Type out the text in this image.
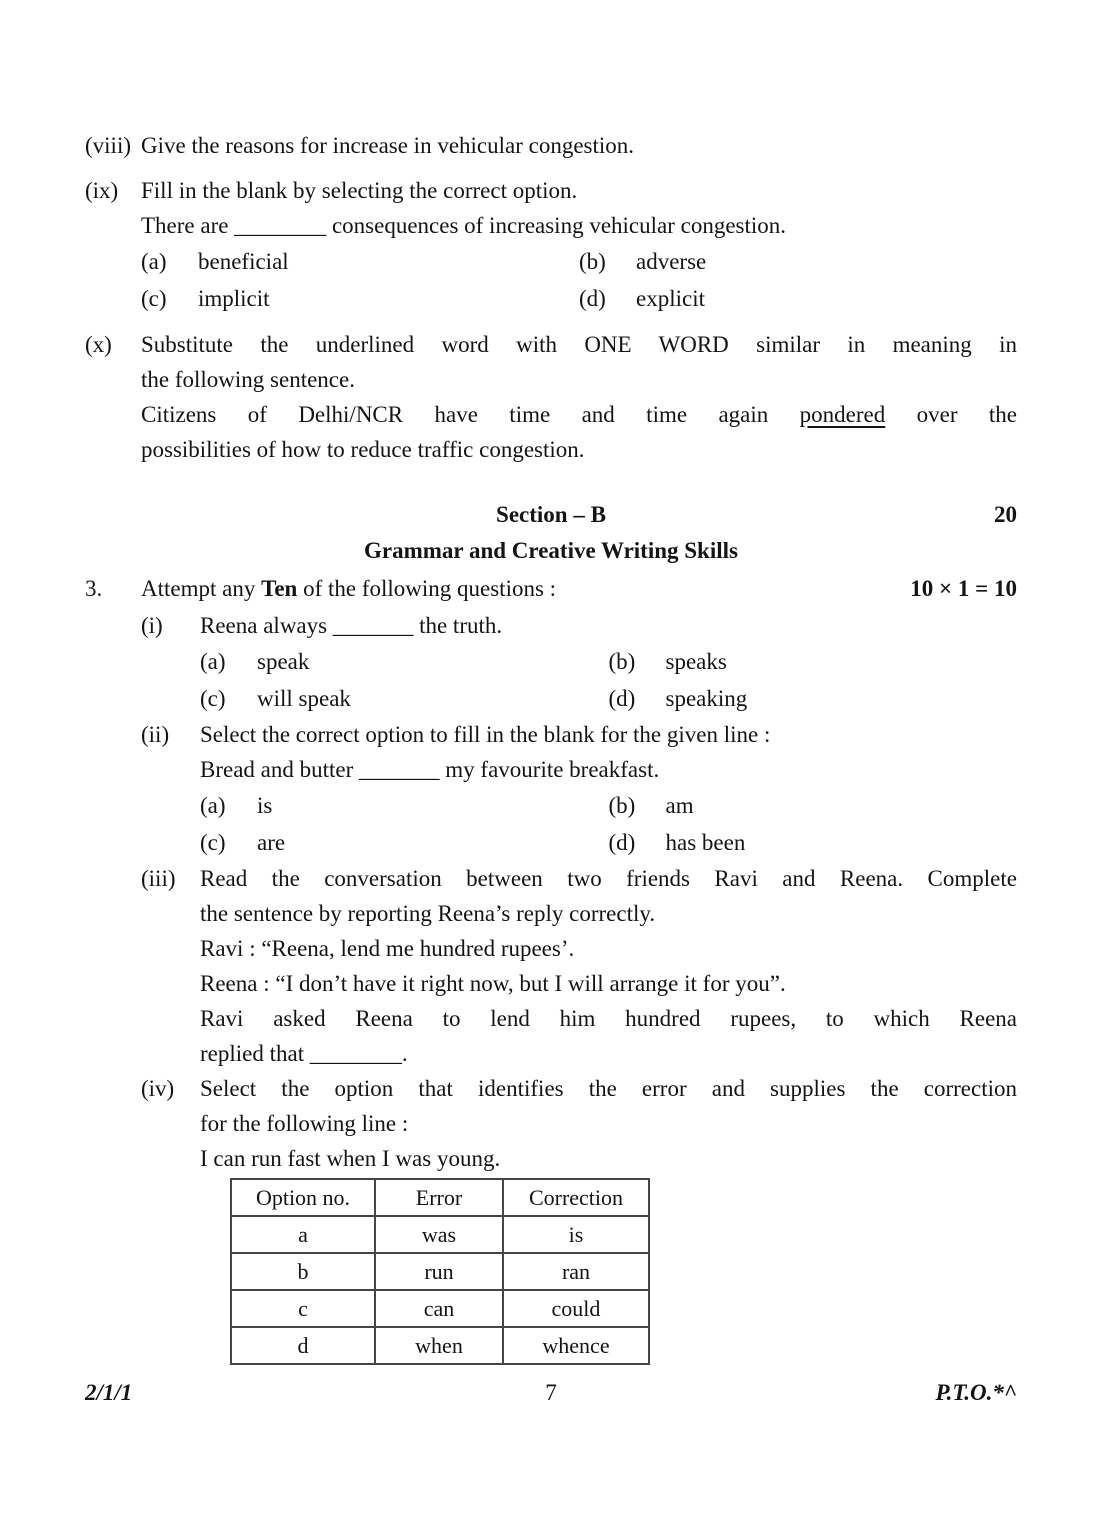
(viii) Give the reasons for increase in vehicular congestion.
(ix) Fill in the blank by selecting the correct option.
There are ________ consequences of increasing vehicular congestion.
(a)	beneficial	(b)	adverse
(c)	implicit	(d)	explicit
(x)	Substitute the underlined word with ONE WORD similar in meaning in
the following sentence.
Citizens of Delhi/NCR have time and time again pondered over the
possibilities of how to reduce traffic congestion.
Section – B	20
Grammar and Creative Writing Skills
3.	Attempt any Ten of the following questions :	10 × 1 = 10
(i)	Reena always _______ the truth.
(a)	speak	(b)	speaks
(c)	will speak	(d)	speaking
(ii)	Select the correct option to fill in the blank for the given line :
Bread and butter _______ my favourite breakfast.
(a)	is	(b)	am
(c)	are	(d)	has been
(iii)	Read the conversation between two friends Ravi and Reena. Complete
the sentence by reporting Reena’s reply correctly.
Ravi : “Reena, lend me hundred rupees’.
Reena : “I don’t have it right now, but I will arrange it for you”.
Ravi asked Reena to lend him hundred rupees, to which Reena
replied that ________.
(iv)	Select the option that identifies the error and supplies the correction
for the following line :
I can run fast when I was young.
Option no.	Error	Correction
a	was	is
b	run	ran
c	can	could
d	when	whence
2/1/1	7	P.T.O.*^
